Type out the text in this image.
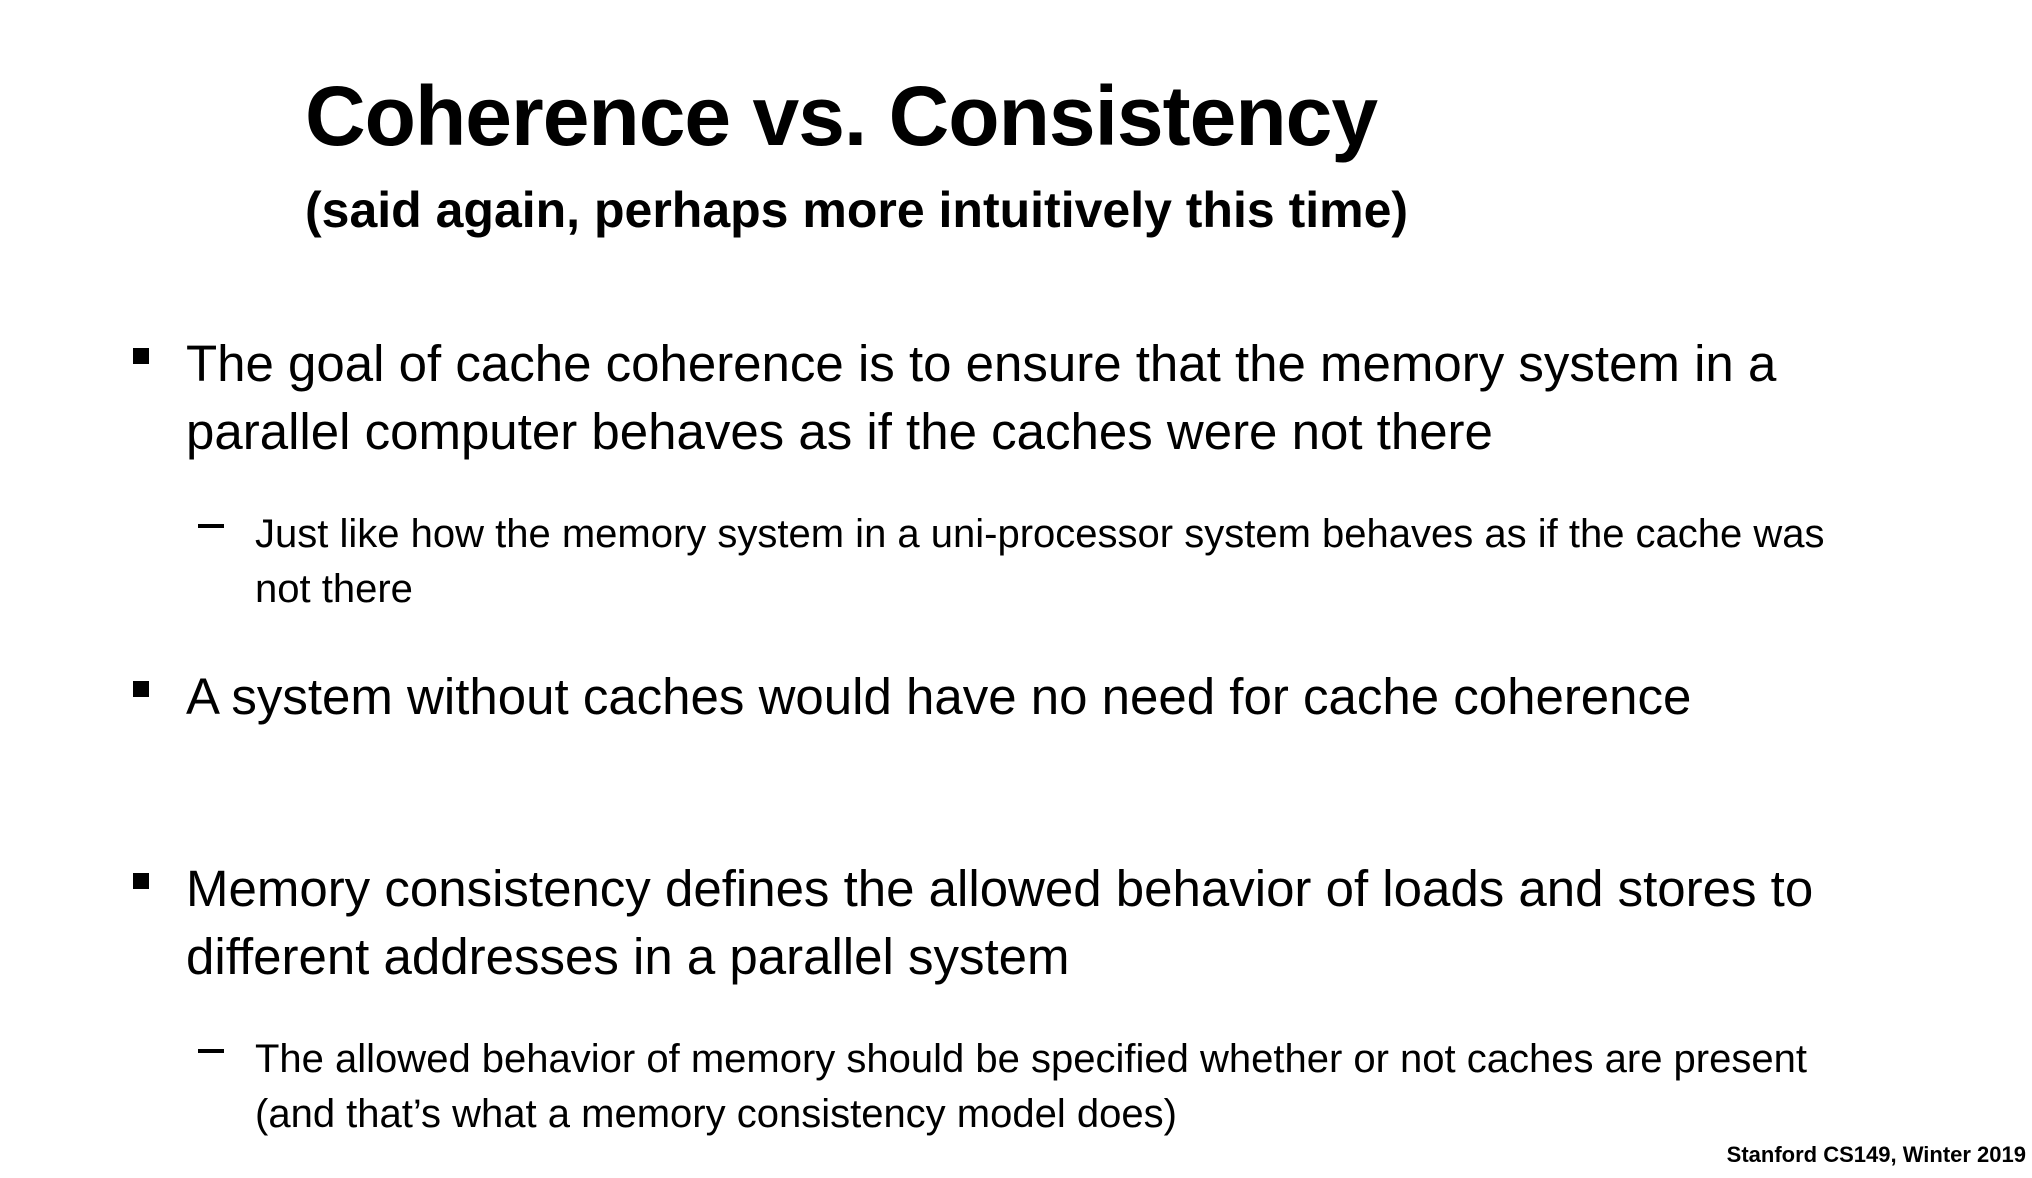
Coherence vs. Consistency
(said again, perhaps more intuitively this time)
The goal of cache coherence is to ensure that the memory system in a parallel computer behaves as if the caches were not there
Just like how the memory system in a uni-processor system behaves as if the cache was not there
A system without caches would have no need for cache coherence
Memory consistency defines the allowed behavior of loads and stores to different addresses in a parallel system
The allowed behavior of memory should be specified whether or not caches are present (and that’s what a memory consistency model does)
Stanford CS149, Winter 2019
